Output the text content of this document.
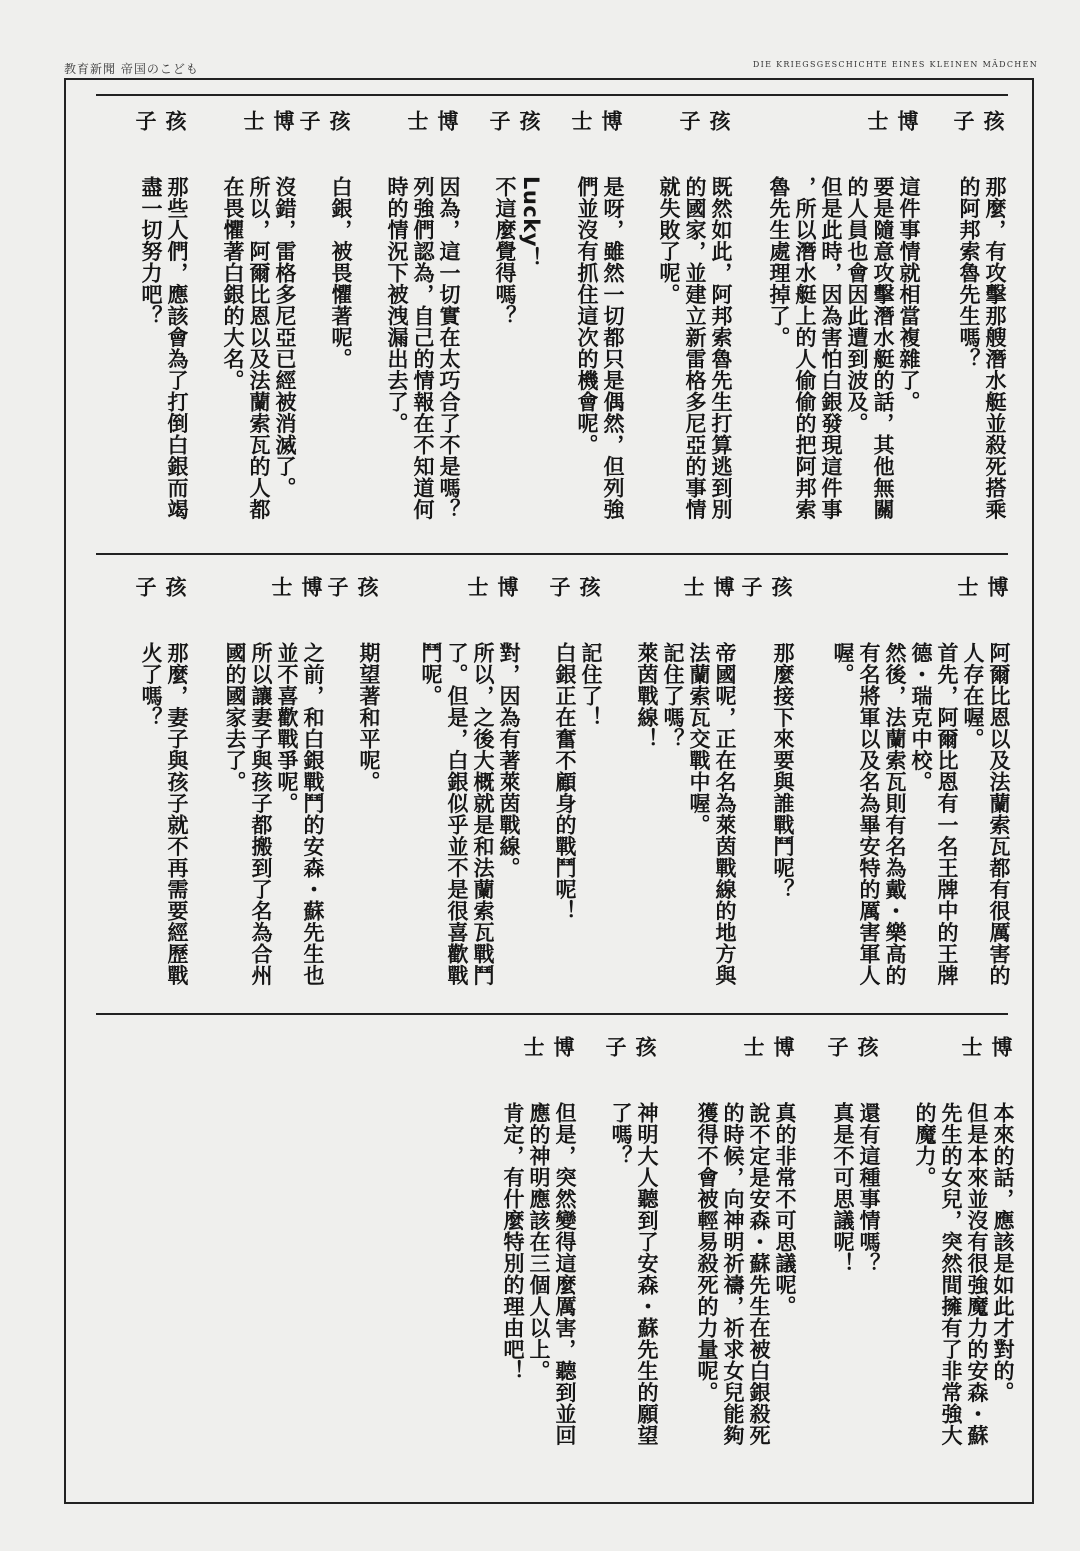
教育新聞 帝国のこども	DIE KRIEGSGESCHICHTE EINES KLEINEN MÄDCHEN
孩子
那麼，有攻擊那艘潛水艇並殺死搭乘
的阿邦索魯先生嗎？
博士
這件事情就相當複雜了。
要是隨意攻擊潛水艇的話，其他無關
的人員也會因此遭到波及。
但是此時，因為害怕白銀發現這件事
，所以潛水艇上的人偷偷的把阿邦索
魯先生處理掉了。
孩子
既然如此，阿邦索魯先生打算逃到別
的國家，並建立新雷格多尼亞的事情
就失敗了呢。
博士
是呀，雖然一切都只是偶然，但列強
們並沒有抓住這次的機會呢。
孩子
Lucky！
不這麼覺得嗎？
博士
因為，這一切實在太巧合了不是嗎？
列強們認為，自己的情報在不知道何
時的情況下被洩漏出去了。
孩子
白銀，被畏懼著呢。
博士
沒錯，雷格多尼亞已經被消滅了。
所以，阿爾比恩以及法蘭索瓦的人都
在畏懼著白銀的大名。
孩子
那些人們，應該會為了打倒白銀而竭
盡一切努力吧？
博士
阿爾比恩以及法蘭索瓦都有很厲害的
人存在喔。
首先，阿爾比恩有一名王牌中的王牌
德・瑞克中校。
然後，法蘭索瓦則有名為戴・樂高的
有名將軍以及名為畢安特的厲害軍人
喔。
孩子
那麼接下來要與誰戰鬥呢？
博士
帝國呢，正在名為萊茵戰線的地方與
法蘭索瓦交戰中喔。
記住了嗎？
萊茵戰線！
孩子
記住了！
白銀正在奮不顧身的戰鬥呢！
博士
對，因為有著萊茵戰線。
所以，之後大概就是和法蘭索瓦戰鬥
了。但是，白銀似乎並不是很喜歡戰
鬥呢。
孩子
期望著和平呢。
博士
之前，和白銀戰鬥的安森・蘇先生也
並不喜歡戰爭呢。
所以讓妻子與孩子都搬到了名為合州
國的國家去了。
孩子
那麼，妻子與孩子就不再需要經歷戰
火了嗎？
博士
本來的話，應該是如此才對的。
但是本來並沒有很強魔力的安森・蘇
先生的女兒，突然間擁有了非常強大
的魔力。
孩子
還有這種事情嗎？
真是不可思議呢！
博士
真的非常不可思議呢。
說不定是安森・蘇先生在被白銀殺死
的時候，向神明祈禱，祈求女兒能夠
獲得不會被輕易殺死的力量呢。
孩子
神明大人聽到了安森・蘇先生的願望
了嗎？
博士
但是，突然變得這麼厲害，聽到並回
應的神明應該在三個人以上。
肯定，有什麼特別的理由吧！
